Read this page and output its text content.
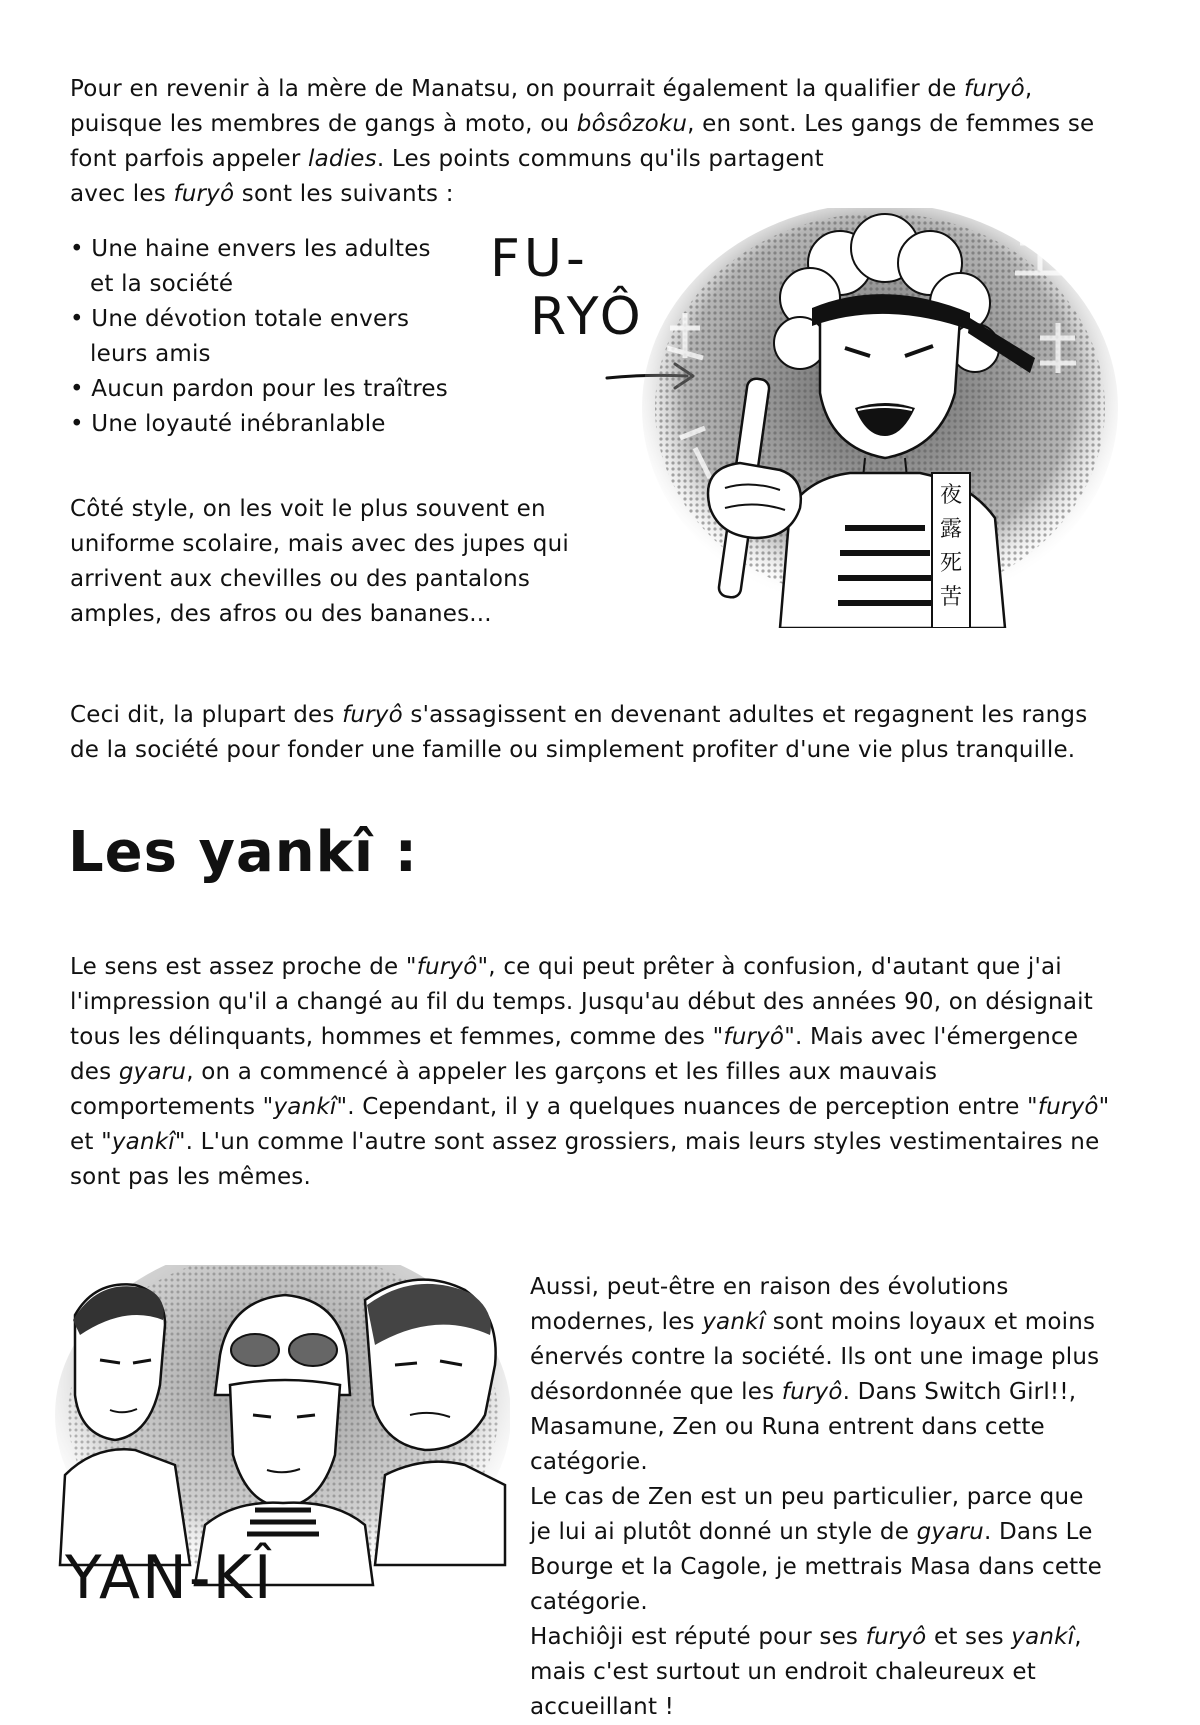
Pour en revenir à la mère de Manatsu, on pourrait également la qualifier de furyô, puisque les membres de gangs à moto, ou bôsôzoku, en sont. Les gangs de femmes se font parfois appeler ladies. Les points communs qu'ils partagent

avec les furyô sont les suivants :

• Une haine envers les adultes et la société
• Une dévotion totale envers leurs amis
• Aucun pardon pour les traîtres
• Une loyauté inébranlable
FU-
RYÔ
夜
露
死
苦

Côté style, on les voit le plus souvent en uniforme scolaire, mais avec des jupes qui arrivent aux chevilles ou des pantalons amples, des afros ou des bananes...

Ceci dit, la plupart des furyô s'assagissent en devenant adultes et regagnent les rangs de la société pour fonder une famille ou simplement profiter d'une vie plus tranquille.

Les yankî :

Le sens est assez proche de "furyô", ce qui peut prêter à confusion, d'autant que j'ai l'impression qu'il a changé au fil du temps. Jusqu'au début des années 90, on désignait tous les délinquants, hommes et femmes, comme des "furyô". Mais avec l'émergence des gyaru, on a commencé à appeler les garçons et les filles aux mauvais comportements "yankî". Cependant, il y a quelques nuances de perception entre "furyô" et "yankî". L'un comme l'autre sont assez grossiers, mais leurs styles vestimentaires ne sont pas les mêmes.

YAN-KÎ

Aussi, peut-être en raison des évolutions modernes, les yankî sont moins loyaux et moins énervés contre la société. Ils ont une image plus désordonnée que les furyô. Dans Switch Girl!!, Masamune, Zen ou Runa entrent dans cette catégorie.

Le cas de Zen est un peu particulier, parce que je lui ai plutôt donné un style de gyaru. Dans Le Bourge et la Cagole, je mettrais Masa dans cette catégorie.

Hachiôji est réputé pour ses furyô et ses yankî, mais c'est surtout un endroit chaleureux et accueillant !
